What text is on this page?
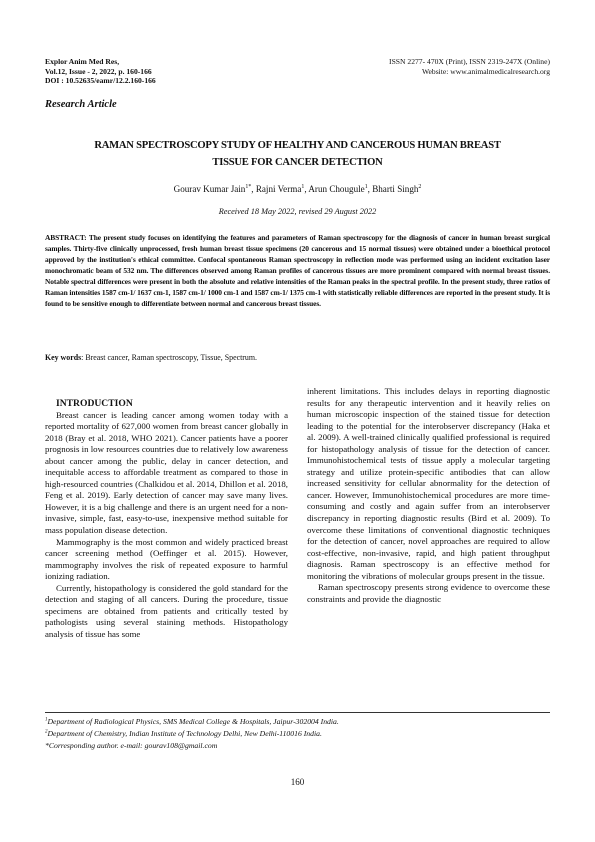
Explor Anim Med Res,
Vol.12, Issue - 2, 2022, p. 160-166
DOI : 10.52635/eamr/12.2.160-166
ISSN 2277- 470X (Print), ISSN 2319-247X (Online)
Website: www.animalmedicalresearch.org
Research Article
RAMAN SPECTROSCOPY STUDY OF HEALTHY AND CANCEROUS HUMAN BREAST
TISSUE FOR CANCER DETECTION
Gourav Kumar Jain$^{1*}$, Rajni Verma$^1$, Arun Chougule$^1$, Bharti Singh$^2$
Received 18 May 2022, revised 29 August 2022
ABSTRACT: The present study focuses on identifying the features and parameters of Raman spectroscopy for the diagnosis of cancer in human breast surgical samples. Thirty-five clinically unprocessed, fresh human breast tissue specimens (20 cancerous and 15 normal tissues) were obtained under a bioethical protocol approved by the institution's ethical committee. Confocal spontaneous Raman spectroscopy in reflection mode was performed using an incident excitation laser monochromatic beam of 532 nm. The differences observed among Raman profiles of cancerous tissues are more prominent compared with normal breast tissues. Notable spectral differences were present in both the absolute and relative intensities of the Raman peaks in the spectral profile. In the present study, three ratios of Raman intensities 1587 cm-1/ 1637 cm-1, 1587 cm-1/ 1000 cm-1 and 1587 cm-1/ 1375 cm-1 with statistically reliable differences are reported in the present study. It is found to be sensitive enough to differentiate between normal and cancerous breast tissues.
Key words: Breast cancer, Raman spectroscopy, Tissue, Spectrum.

INTRODUCTION

Breast cancer is leading cancer among women today with a reported mortality of 627,000 women from breast cancer globally in 2018 (Bray et al. 2018, WHO 2021). Cancer patients have a poorer prognosis in low resources countries due to relatively low awareness about cancer among the public, delay in cancer detection, and inequitable access to affordable treatment as compared to those in high-resourced countries (Chalkidou et al. 2014, Dhillon et al. 2018, Feng et al. 2019). Early detection of cancer may save many lives. However, it is a big challenge and there is an urgent need for a non-invasive, simple, fast, easy-to-use, inexpensive method suitable for mass population disease detection.

Mammography is the most common and widely practiced breast cancer screening method (Oeffinger et al. 2015). However, mammography involves the risk of repeated exposure to harmful ionizing radiation.

Currently, histopathology is considered the gold standard for the detection and staging of all cancers. During the procedure, tissue specimens are obtained from patients and critically tested by pathologists using several staining methods. Histopathology analysis of tissue has some

inherent limitations. This includes delays in reporting diagnostic results for any therapeutic intervention and it heavily relies on human microscopic inspection of the stained tissue for detection leading to the potential for the interobserver discrepancy (Haka et al. 2009). A well-trained clinically qualified professional is required for histopathology analysis of tissue for the detection of cancer. Immunohistochemical tests of tissue apply a molecular targeting strategy and utilize protein-specific antibodies that can allow increased sensitivity for cellular abnormality for the detection of cancer. However, Immunohistochemical procedures are more time-consuming and costly and again suffer from an interobserver discrepancy in reporting diagnostic results (Bird et al. 2009). To overcome these limitations of conventional diagnostic techniques for the detection of cancer, novel approaches are required to allow cost-effective, non-invasive, rapid, and high patient throughput diagnosis. Raman spectroscopy is an effective method for monitoring the vibrations of molecular groups present in the tissue.

Raman spectroscopy presents strong evidence to overcome these constraints and provide the diagnostic

$^1$Department of Radiological Physics, SMS Medical College & Hospitals, Jaipur-302004 India.
$^2$Department of Chemistry, Indian Institute of Technology Delhi, New Delhi-110016 India.
*Corresponding author. e-mail: gourav108@gmail.com
160
